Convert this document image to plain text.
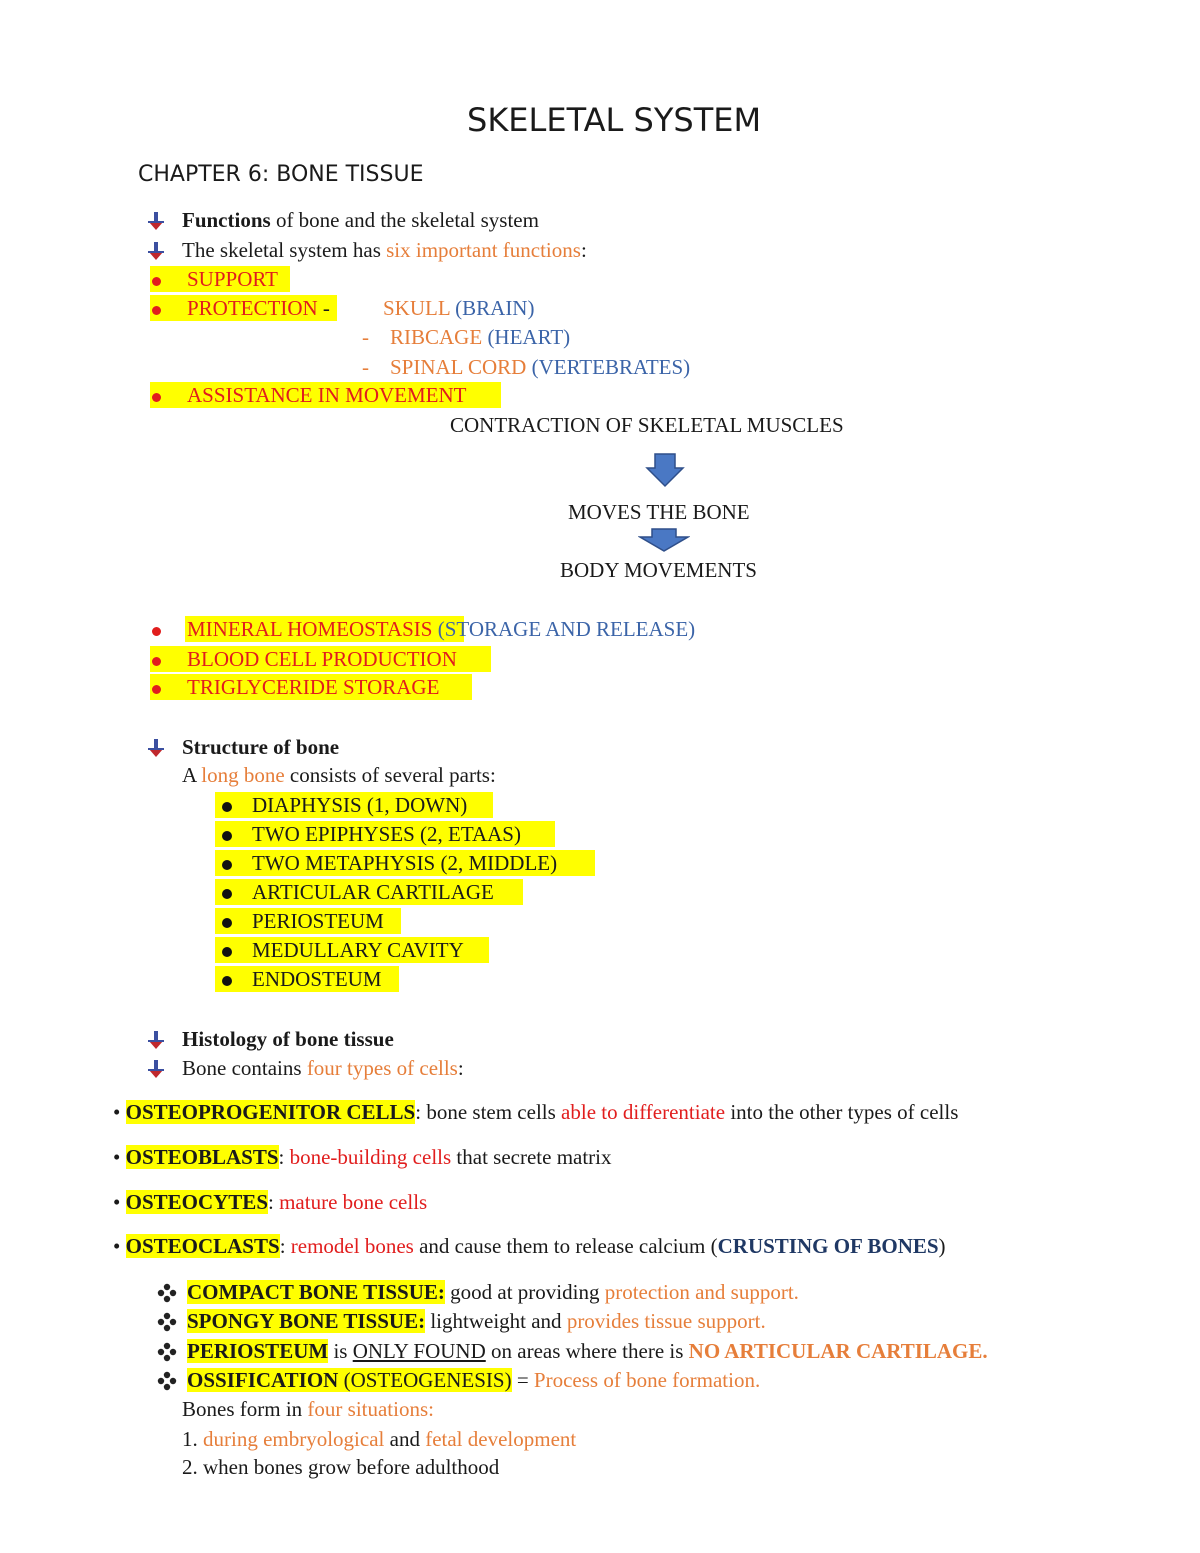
SKELETAL SYSTEM
CHAPTER 6: BONE TISSUE
Functions of bone and the skeletal system
The skeletal system has six important functions:
SUPPORT
PROTECTION -	SKULL (BRAIN)
- RIBCAGE (HEART)
- SPINAL CORD (VERTEBRATES)
ASSISTANCE IN MOVEMENT
CONTRACTION OF SKELETAL MUSCLES
MOVES THE BONE
BODY MOVEMENTS
MINERAL HOMEOSTASIS (STORAGE AND RELEASE)
BLOOD CELL PRODUCTION
TRIGLYCERIDE STORAGE
Structure of bone
A long bone consists of several parts:
DIAPHYSIS (1, DOWN)
TWO EPIPHYSES (2, ETAAS)
TWO METAPHYSIS (2, MIDDLE)
ARTICULAR CARTILAGE
PERIOSTEUM
MEDULLARY CAVITY
ENDOSTEUM
Histology of bone tissue
Bone contains four types of cells:
• OSTEOPROGENITOR CELLS: bone stem cells able to differentiate into the other types of cells
• OSTEOBLASTS: bone-building cells that secrete matrix
• OSTEOCYTES: mature bone cells
• OSTEOCLASTS: remodel bones and cause them to release calcium (CRUSTING OF BONES)
COMPACT BONE TISSUE: good at providing protection and support.
SPONGY BONE TISSUE: lightweight and provides tissue support.
PERIOSTEUM is ONLY FOUND on areas where there is NO ARTICULAR CARTILAGE.
OSSIFICATION (OSTEOGENESIS) = Process of bone formation.
Bones form in four situations:
1. during embryological and fetal development
2. when bones grow before adulthood
